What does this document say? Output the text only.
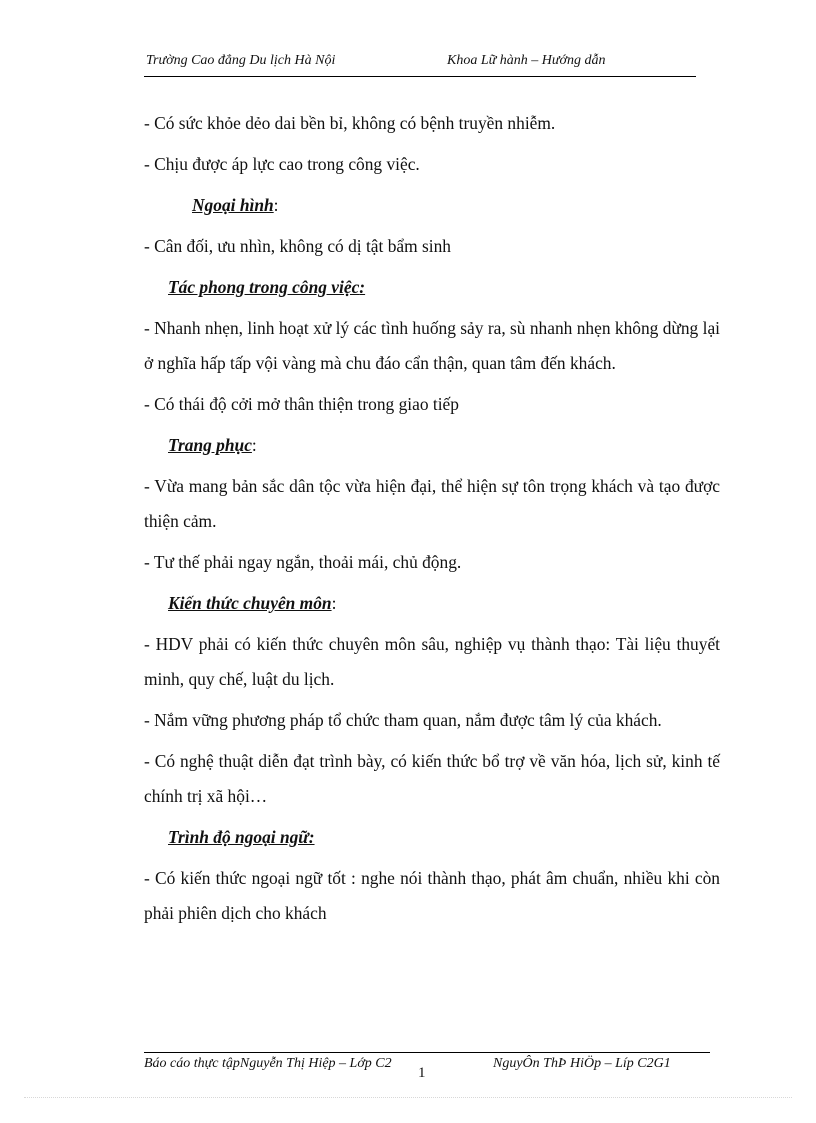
Trường Cao đẳng Du lịch Hà Nội	Khoa Lữ hành – Hướng dẫn

- Có sức khỏe dẻo dai bền bỉ, không có bệnh truyền nhiễm.

- Chịu được áp lực cao trong công việc.

Ngoại hình:

- Cân đối, ưu nhìn, không có dị tật bẩm sinh

Tác phong trong công việc:

- Nhanh nhẹn, linh hoạt xử lý các tình huống sảy ra, sù nhanh nhẹn không dừng lại ở nghĩa hấp tấp vội vàng mà chu đáo cẩn thận, quan tâm đến khách.

- Có thái độ cởi mở thân thiện trong giao tiếp

Trang phục:

- Vừa mang bản sắc dân tộc vừa hiện đại, thể hiện sự tôn trọng khách và tạo được thiện cảm.

- Tư thế phải ngay ngắn, thoải mái, chủ động.

Kiến thức chuyên môn:

- HDV phải có kiến thức chuyên môn sâu, nghiệp vụ thành thạo: Tài liệu thuyết minh, quy chế, luật du lịch.

- Nắm vững phương pháp tổ chức tham quan, nắm được tâm lý của khách.

- Có nghệ thuật diễn đạt trình bày, có kiến thức bổ trợ về văn hóa, lịch sử, kinh tế chính trị xã hội…

Trình độ ngoại ngữ:

- Có kiến thức ngoại ngữ tốt : nghe nói thành thạo, phát âm chuẩn, nhiều khi còn phải phiên dịch cho khách

Báo cáo thực tậpNguyễn Thị Hiệp – Lớp C2
1
NguyÔn ThÞ HiÖp – Líp C2G1
